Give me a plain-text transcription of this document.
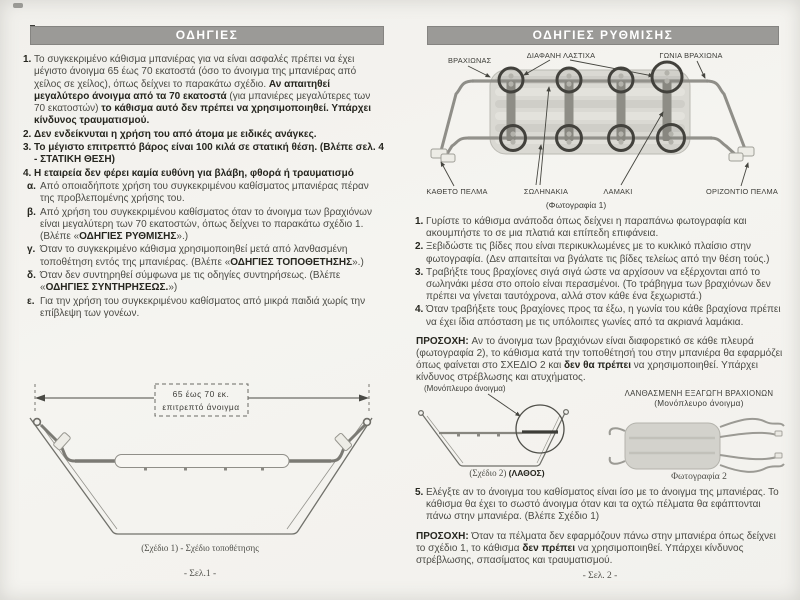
ΟΔΗΓΙΕΣ
1. Το συγκεκριμένο κάθισμα μπανιέρας για να είναι ασφαλές πρέπει να έχει μέγιστο άνοιγμα 65 έως 70 εκατοστά (όσο το άνοιγμα της μπανιέρας από χείλος σε χείλος), όπως δείχνει το παρακάτω σχέδιο. Αν απαιτηθεί μεγαλύτερο άνοιγμα από τα 70 εκατοστά (για μπανιέρες μεγαλύτερες των 70 εκατοστών) το κάθισμα αυτό δεν πρέπει να χρησιμοποιηθεί. Υπάρχει κίνδυνος τραυματισμού.
2. Δεν ενδείκνυται η χρήση του από άτομα με ειδικές ανάγκες.
3. Το μέγιστο επιτρεπτό βάρος είναι 100 κιλά σε στατική θέση. (Βλέπε σελ. 4 - ΣΤΑΤΙΚΗ ΘΕΣΗ)
4. Η εταιρεία δεν φέρει καμία ευθύνη για βλάβη, φθορά ή τραυματισμό
α. Από οποιαδήποτε χρήση του συγκεκριμένου καθίσματος μπανιέρας πέραν της προβλεπομένης χρήσης του.
β. Από χρήση του συγκεκριμένου καθίσματος όταν το άνοιγμα των βραχιόνων είναι μεγαλύτερη των 70 εκατοστών, όπως δείχνει το παρακάτω σχέδιο 1. (Βλέπε «ΟΔΗΓΙΕΣ ΡΥΘΜΙΣΗΣ».)
γ. Όταν το συγκεκριμένο κάθισμα χρησιμοποιηθεί μετά από λανθασμένη τοποθέτηση εντός της μπανιέρας. (Βλέπε «ΟΔΗΓΙΕΣ ΤΟΠΟΘΕΤΗΣΗΣ».)
δ. Όταν δεν συντηρηθεί σύμφωνα με τις οδηγίες συντηρήσεως. (Βλέπε «ΟΔΗΓΙΕΣ ΣΥΝΤΗΡΗΣΕΩΣ.»)
ε. Για την χρήση του συγκεκριμένου καθίσματος από μικρά παιδιά χωρίς την επίβλεψη των γονέων.
65 έως 70 εκ.
επιτρεπτό άνοιγμα
(Σχέδιο 1) - Σχέδιο τοποθέτησης
- Σελ.1 -
ΟΔΗΓΙΕΣ ΡΥΘΜΙΣΗΣ
ΒΡΑΧΙΩΝΑΣ
ΔΙΑΦΑΝΗ ΛΑΣΤΙΧΑ	ΓΩΝΙΑ ΒΡΑΧΙΩΝΑ
ΚΑΘΕΤΟ ΠΕΛΜΑ	ΣΩΛΗΝΑΚΙΑ	ΛΑΜΑΚΙ	ΟΡΙΖΟΝΤΙΟ ΠΕΛΜΑ
(Φωτογραφία 1)
1. Γυρίστε το κάθισμα ανάποδα όπως δείχνει η παραπάνω φωτογραφία και ακουμπήστε το σε μια πλατιά και επίπεδη επιφάνεια.
2. Ξεβιδώστε τις βίδες που είναι περικυκλωμένες με το κυκλικό πλαίσιο στην φωτογραφία. (Δεν απαιτείται να βγάλατε τις βίδες τελείως από την θέση τούς.)
3. Τραβήξτε τους βραχίονες σιγά σιγά ώστε να αρχίσουν να εξέρχονται από το σωληνάκι μέσα στο οποίο είναι περασμένοι. (Το τράβηγμα των βραχιόνων δεν πρέπει να γίνεται ταυτόχρονα, αλλά στον κάθε ένα ξεχωριστά.)
4. Όταν τραβήξετε τους βραχίονες προς τα έξω, η γωνία του κάθε βραχίονα πρέπει να έχει ίδια απόσταση με τις υπόλοιπες γωνίες από τα ακριανά λαμάκια.
ΠΡΟΣΟΧΗ: Αν το άνοιγμα των βραχιόνων είναι διαφορετικό σε κάθε πλευρά (φωτογραφία 2), το κάθισμα κατά την τοποθέτησή του στην μπανιέρα θα εφαρμόζει όπως φαίνεται στο ΣΧΕΔΙΟ 2 και δεν θα πρέπει να χρησιμοποιηθεί. Υπάρχει κίνδυνος στρέβλωσης και ατυχήματος.
(Μονόπλευρο άνοιγμα)
(Σχέδιο 2) (ΛΑΘΟΣ)
ΛΑΝΘΑΣΜΕΝΗ ΕΞΑΓΩΓΗ ΒΡΑΧΙΟΝΩΝ
(Μονόπλευρο άνοιγμα)
Φωτογραφία 2
5. Ελέγξτε αν το άνοιγμα του καθίσματος είναι ίσο με το άνοιγμα της μπανιέρας. Το κάθισμα θα έχει το σωστό άνοιγμα όταν και τα οχτώ πέλματα θα εφάπτονται πάνω στην μπανιέρα. (Βλέπε Σχέδιο 1)
ΠΡΟΣΟΧΗ: Όταν τα πέλματα δεν εφαρμόζουν πάνω στην μπανιέρα όπως δείχνει το σχέδιο 1, το κάθισμα δεν πρέπει να χρησιμοποιηθεί. Υπάρχει κίνδυνος στρέβλωσης, σπασίματος και τραυματισμού.
- Σελ. 2 -
